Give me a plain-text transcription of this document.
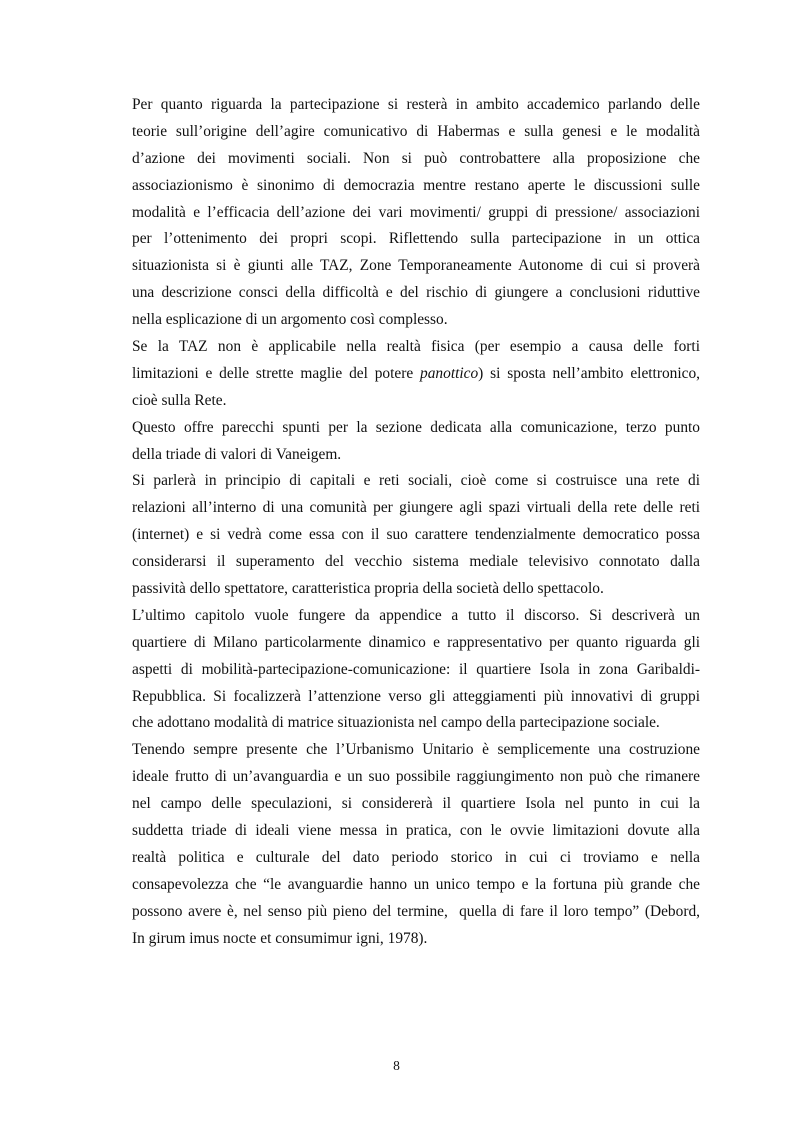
Per quanto riguarda la partecipazione si resterà in ambito accademico parlando delle
teorie sull’origine dell’agire comunicativo di Habermas e sulla genesi e le modalità
d’azione dei movimenti sociali. Non si può controbattere alla proposizione che
associazionismo è sinonimo di democrazia mentre restano aperte le discussioni sulle
modalità e l’efficacia dell’azione dei vari movimenti/ gruppi di pressione/ associazioni
per l’ottenimento dei propri scopi. Riflettendo sulla partecipazione in un ottica
situazionista si è giunti alle TAZ, Zone Temporaneamente Autonome di cui si proverà
una descrizione consci della difficoltà e del rischio di giungere a conclusioni riduttive
nella esplicazione di un argomento così complesso.
Se la TAZ non è applicabile nella realtà fisica (per esempio a causa delle forti
limitazioni e delle strette maglie del potere panottico) si sposta nell’ambito elettronico,
cioè sulla Rete.
Questo offre parecchi spunti per la sezione dedicata alla comunicazione, terzo punto
della triade di valori di Vaneigem.
Si parlerà in principio di capitali e reti sociali, cioè come si costruisce una rete di
relazioni all’interno di una comunità per giungere agli spazi virtuali della rete delle reti
(internet) e si vedrà come essa con il suo carattere tendenzialmente democratico possa
considerarsi il superamento del vecchio sistema mediale televisivo connotato dalla
passività dello spettatore, caratteristica propria della società dello spettacolo.
L’ultimo capitolo vuole fungere da appendice a tutto il discorso. Si descriverà un
quartiere di Milano particolarmente dinamico e rappresentativo per quanto riguarda gli
aspetti di mobilità-partecipazione-comunicazione: il quartiere Isola in zona Garibaldi-
Repubblica. Si focalizzerà l’attenzione verso gli atteggiamenti più innovativi di gruppi
che adottano modalità di matrice situazionista nel campo della partecipazione sociale.
Tenendo sempre presente che l’Urbanismo Unitario è semplicemente una costruzione
ideale frutto di un’avanguardia e un suo possibile raggiungimento non può che rimanere
nel campo delle speculazioni, si considererà il quartiere Isola nel punto in cui la
suddetta triade di ideali viene messa in pratica, con le ovvie limitazioni dovute alla
realtà politica e culturale del dato periodo storico in cui ci troviamo e nella
consapevolezza che “le avanguardie hanno un unico tempo e la fortuna più grande che
possono avere è, nel senso più pieno del termine,  quella di fare il loro tempo” (Debord,
In girum imus nocte et consumimur igni, 1978).
8
